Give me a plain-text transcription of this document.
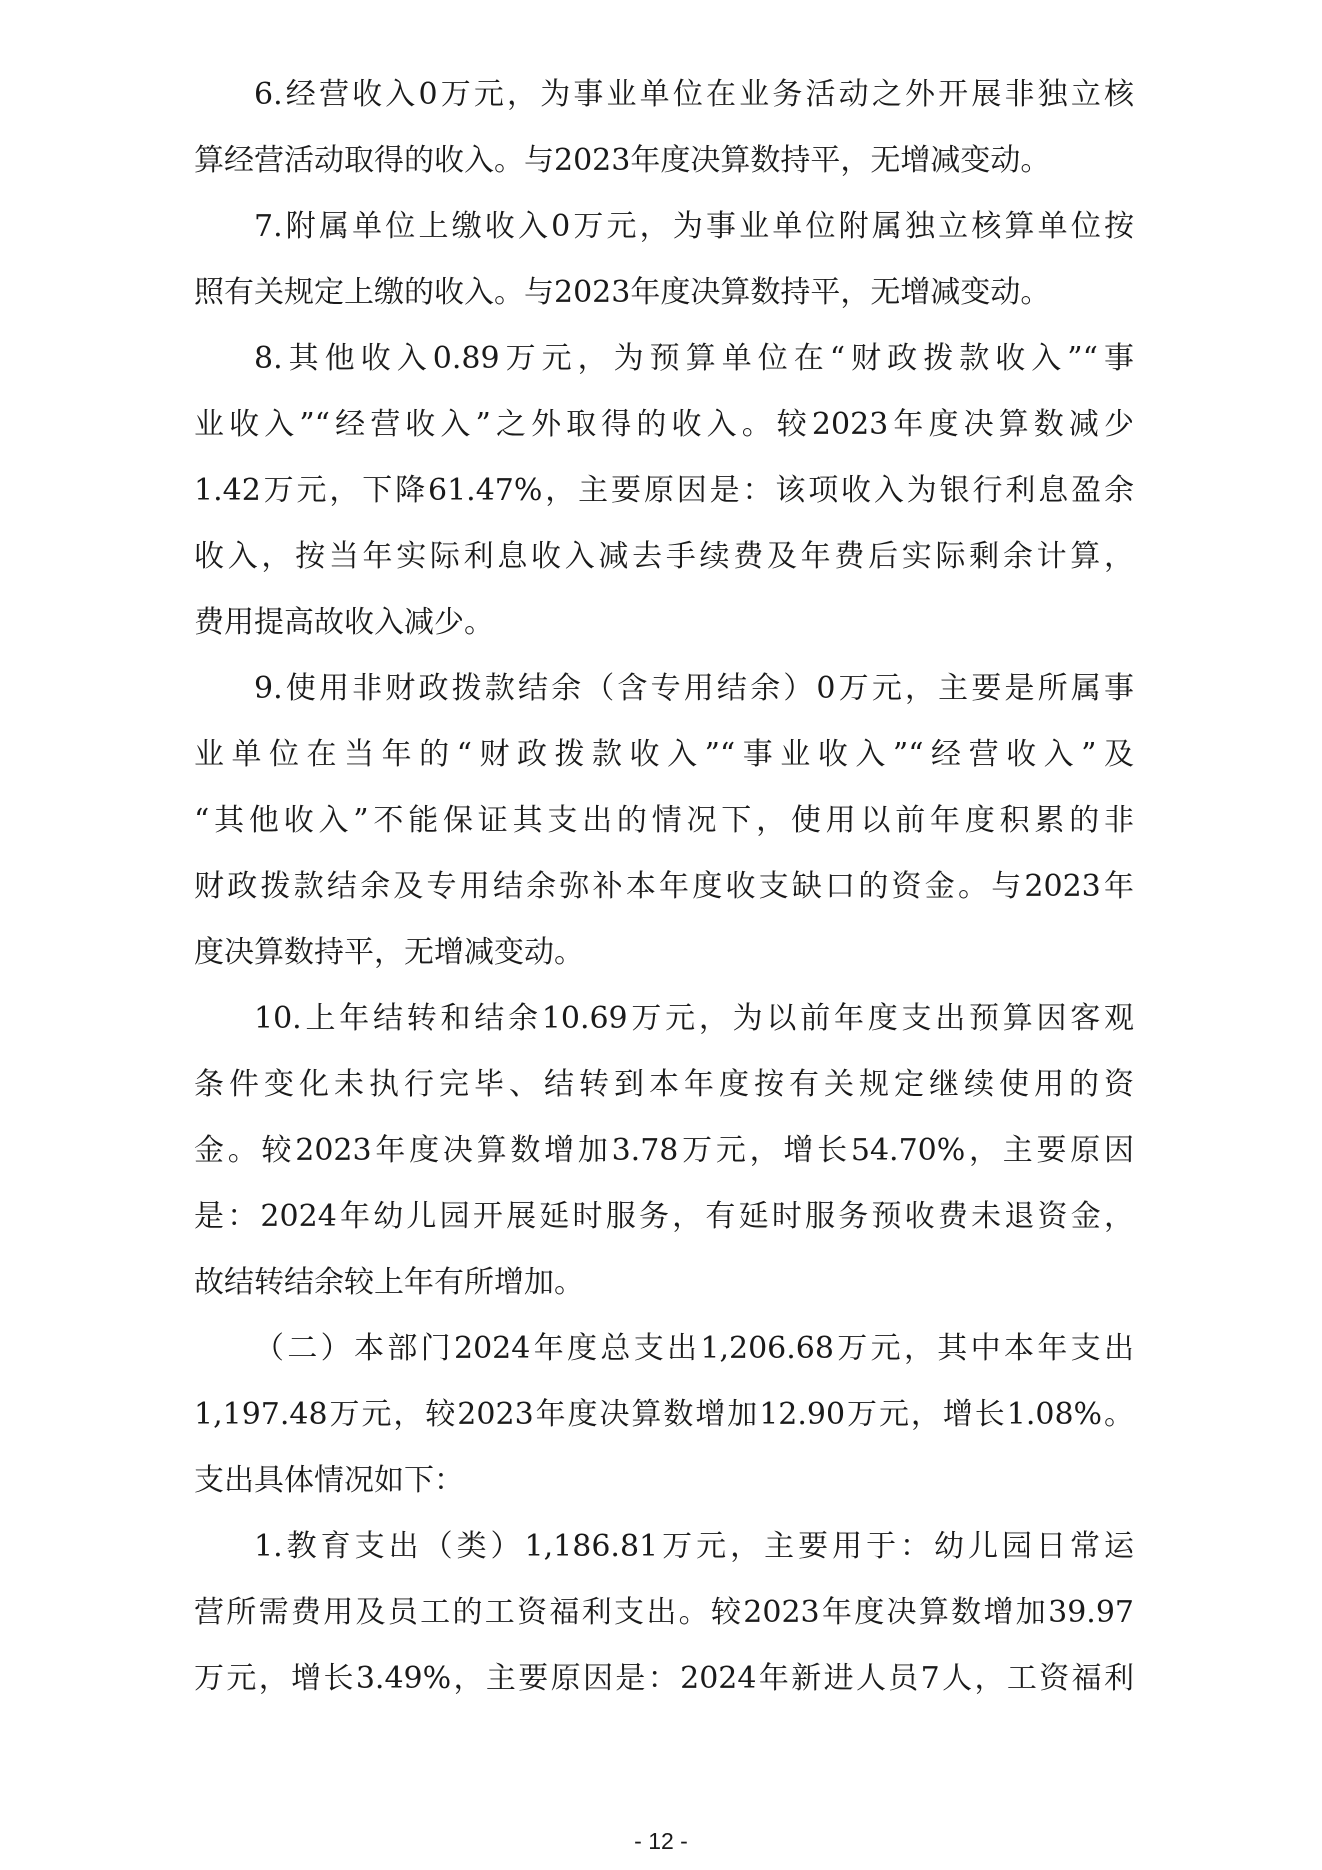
6.经营收入0万元，为事业单位在业务活动之外开展非独立核
算经营活动取得的收入。与2023年度决算数持平，无增减变动。
7.附属单位上缴收入0万元，为事业单位附属独立核算单位按
照有关规定上缴的收入。与2023年度决算数持平，无增减变动。
8.其他收入0.89万元，为预算单位在“财政拨款收入”“事
业收入”“经营收入”之外取得的收入。较2023年度决算数减少
1.42万元，下降61.47%，主要原因是：该项收入为银行利息盈余
收入，按当年实际利息收入减去手续费及年费后实际剩余计算，
费用提高故收入减少。
9.使用非财政拨款结余（含专用结余）0万元，主要是所属事
业单位在当年的“财政拨款收入”“事业收入”“经营收入”及
“其他收入”不能保证其支出的情况下，使用以前年度积累的非
财政拨款结余及专用结余弥补本年度收支缺口的资金。与2023年
度决算数持平，无增减变动。
10.上年结转和结余10.69万元，为以前年度支出预算因客观
条件变化未执行完毕、结转到本年度按有关规定继续使用的资
金。较2023年度决算数增加3.78万元，增长54.70%，主要原因
是：2024年幼儿园开展延时服务，有延时服务预收费未退资金，
故结转结余较上年有所增加。
（二）本部门2024年度总支出1,206.68万元，其中本年支出
1,197.48万元，较2023年度决算数增加12.90万元，增长1.08%。
支出具体情况如下：
1.教育支出（类）1,186.81万元，主要用于：幼儿园日常运
营所需费用及员工的工资福利支出。较2023年度决算数增加39.97
万元，增长3.49%，主要原因是：2024年新进人员7人，工资福利
- 12 -
